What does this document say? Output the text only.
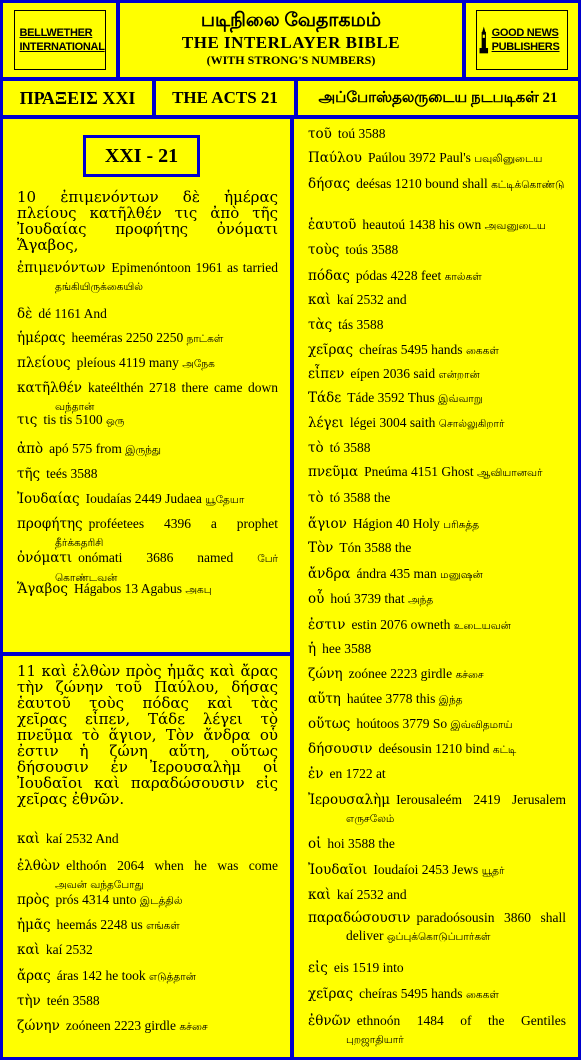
BELLWETHER INTERNATIONAL
படிநிலை வேதாகமம்
THE INTERLAYER BIBLE
(WITH STRONG'S NUMBERS)
GOOD NEWS PUBLISHERS
ΠΡΑΞΕΙΣ XXI	THE ACTS 21	அப்போஸ்தலருடைய நடபடிகள் 21
XXI - 21
10 ἐπιμενόντων δὲ ἡμέρας πλείους κατῆλθέν τις ἀπὸ τῆς Ἰουδαίας προφήτης ὀνόματι Ἅγαβος,
ἐπιμενόντων Epimenóntoon 1961 as tarried தங்கியிருக்கையில்
δὲ dé 1161 And
ἡμέρας heeméras 2250 2250 நாட்கள்
πλείους pleíous 4119 many அநேக
κατῆλθέν kateélthén 2718 there came down வந்தான்
τις tis tis 5100 ஒரு
ἀπὸ apó 575 from இருந்து
τῆς teés 3588
Ἰουδαίας Ioudaías 2449 Judaea யூதேயா
προφήτης proféetees 4396 a prophet தீர்க்கதரிசி
ὀνόματι onómati 3686 named பேர் கொண்டவன்
Ἅγαβος Hágabos 13 Agabus அகபு
11 καὶ ἐλθὼν πρὸς ἡμᾶς καὶ ἄρας τὴν ζώνην τοῦ Παύλου, δήσας ἑαυτοῦ τοὺς πόδας καὶ τὰς χεῖρας εἶπεν, Τάδε λέγει τὸ πνεῦμα τὸ ἅγιον, Τὸν ἄνδρα οὗ ἐστιν ἡ ζώνη αὕτη, οὕτως δήσουσιν ἐν Ἰερουσαλὴμ οἱ Ἰουδαῖοι καὶ παραδώσουσιν εἰς χεῖρας ἐθνῶν.
καὶ kaí 2532 And
ἐλθὼν elthoón 2064 when he was come அவன் வந்தபோது
πρὸς prós 4314 unto இடத்தில்
ἡμᾶς heemás 2248 us எங்கள்
καὶ kaí 2532
ἄρας áras 142 he took எடுத்தான்
τὴν teén 3588
ζώνην zoóneen 2223 girdle கச்சை
τοῦ toú 3588
Παύλου Paúlou 3972 Paul's பவுலினுடைய
δήσας deésas 1210 bound shall கட்டிக்கொண்டு
ἑαυτοῦ heautoú 1438 his own அவனுடைய
τοὺς toús 3588
πόδας pódas 4228 feet கால்கள்
καὶ kaí 2532 and
τὰς tás 3588
χεῖρας cheíras 5495 hands கைகள்
εἶπεν eípen 2036 said என்றான்
Τάδε Táde 3592 Thus இவ்வாறு
λέγει légei 3004 saith சொல்லுகிறார்
τὸ tó 3588
πνεῦμα Pneúma 4151 Ghost ஆவியானவர்
τὸ tó 3588 the
ἅγιον Hágion 40 Holy பரிசுத்த
Τὸν Tón 3588 the
ἄνδρα ándra 435 man மனுஷன்
οὗ hoú 3739 that அந்த
ἐστιν estin 2076 owneth உடையவன்
ἡ hee 3588
ζώνη zoónee 2223 girdle கச்சை
αὕτη haútee 3778 this இந்த
οὕτως hoútoos 3779 So இவ்விதமாய்
δήσουσιν deésousin 1210 bind கட்டி
ἐν en 1722 at
Ἰερουσαλὴμ Ierousaleém 2419 Jerusalem எருசலேம்
οἱ hoi 3588 the
Ἰουδαῖοι Ioudaíoi 2453 Jews யூதர்
καὶ kaí 2532 and
παραδώσουσιν paradoósousin 3860 shall deliver ஒப்புக்கொடுப்பார்கள்
εἰς eis 1519 into
χεῖρας cheíras 5495 hands கைகள்
ἐθνῶν ethnoón 1484 of the Gentiles புறஜாதியார்
